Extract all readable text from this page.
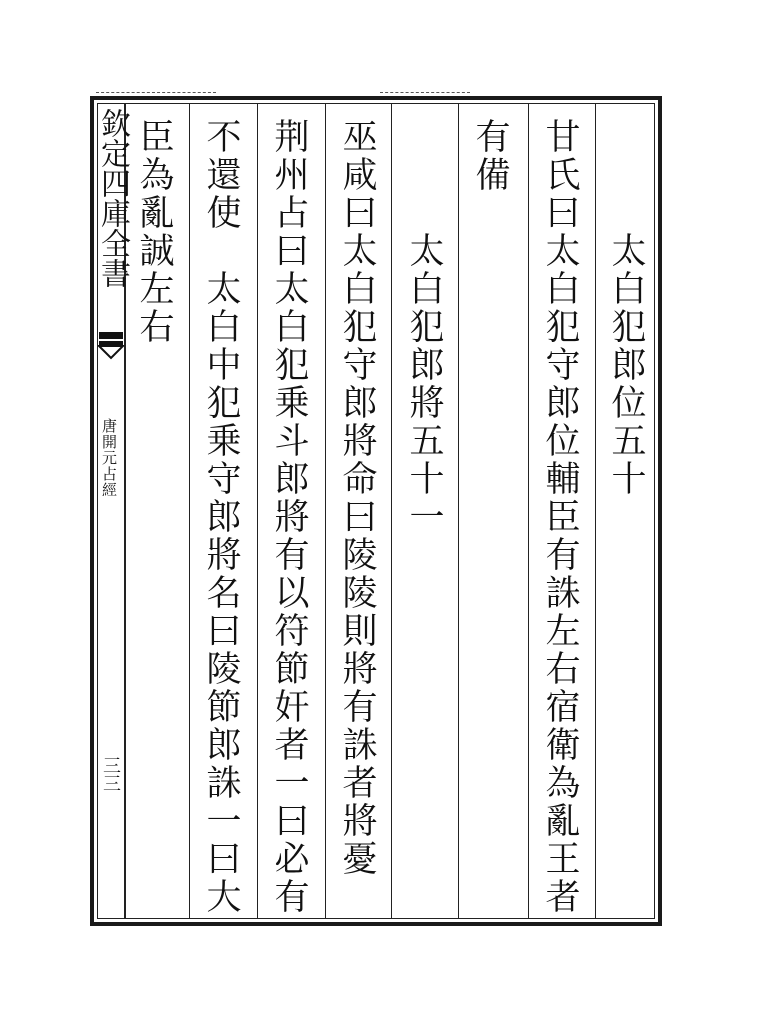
欽定四庫全書
唐開元占經
三三
太白犯郎位五十
甘氏曰太白犯守郎位輔臣有誅左右宿衛為亂王者
有備
太白犯郎將五十一
巫咸曰太白犯守郎將命曰陵陵則將有誅者將憂
荆州占曰太白犯乗斗郎將有以符節奸者一曰必有
不還使　太白中犯乗守郎將名曰陵節郎誅一曰大
臣為亂誠左右
